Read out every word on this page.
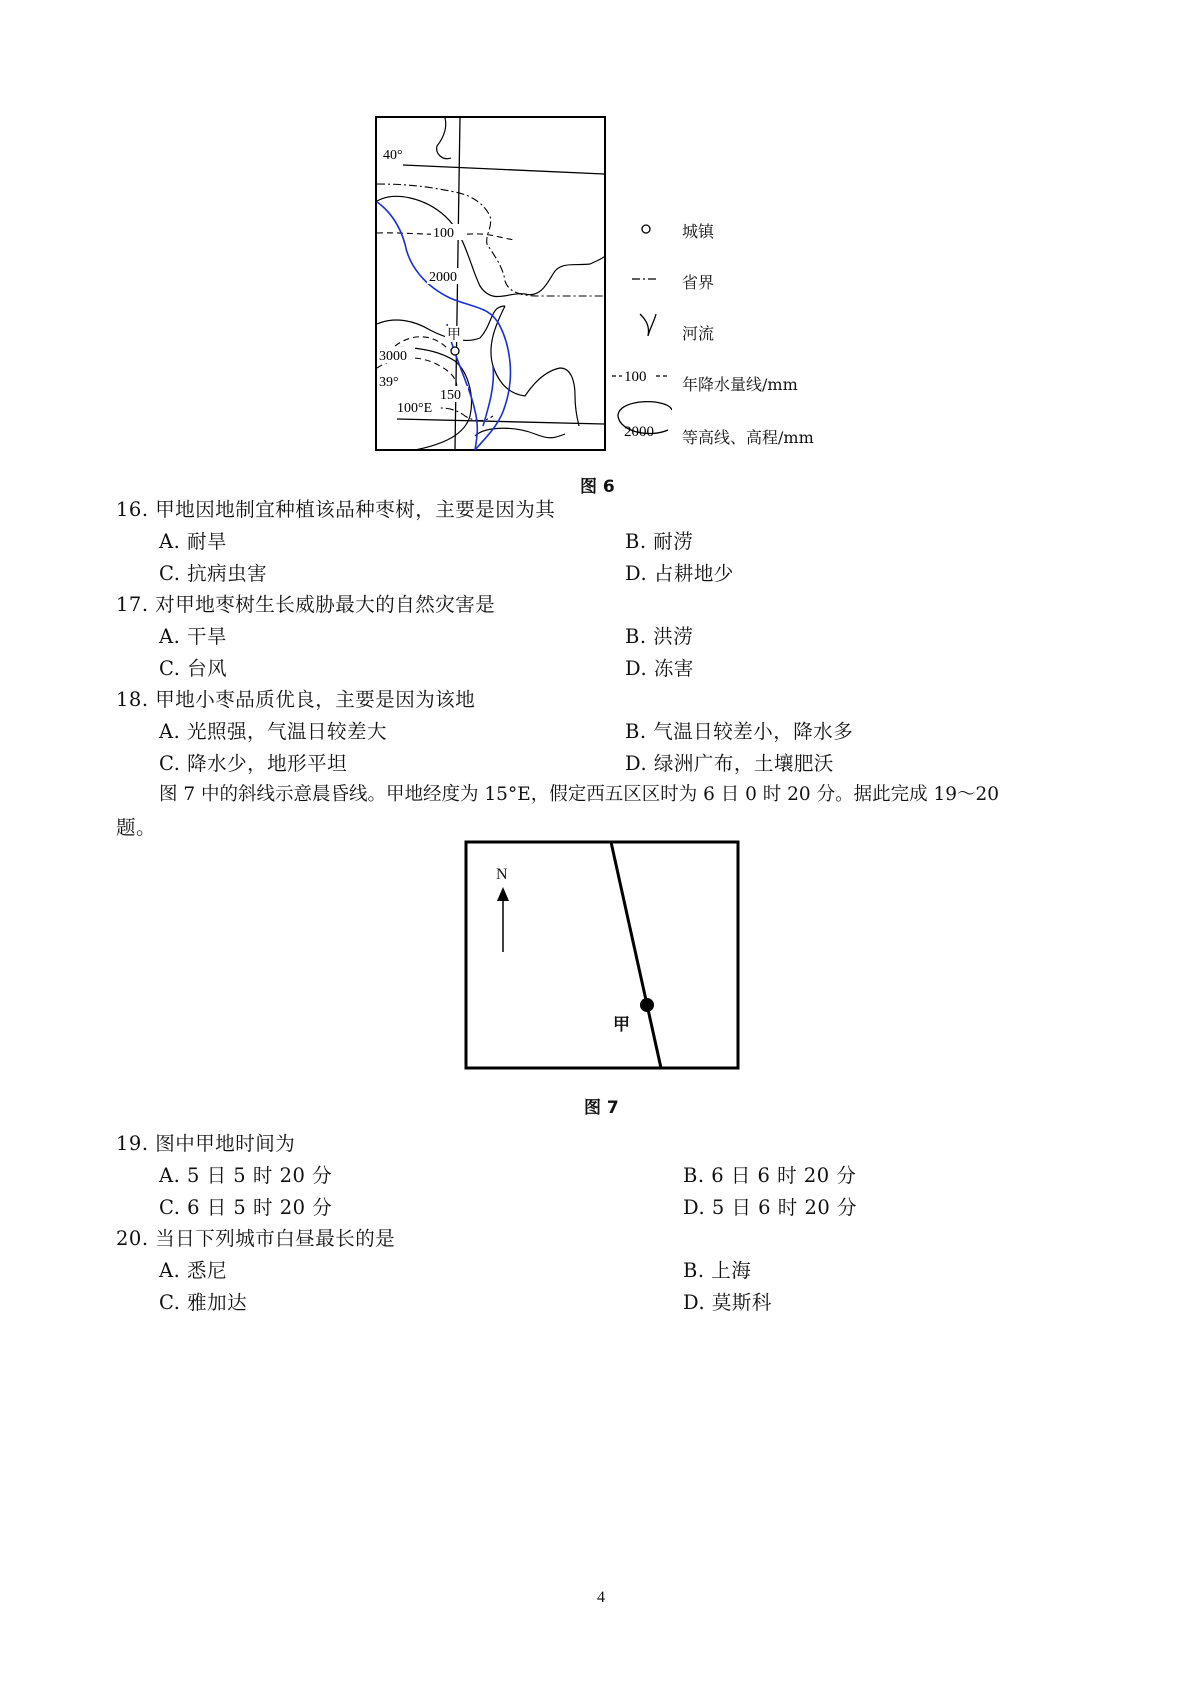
40°
100
2000
3000
39°
150
100°E
甲
100
2000
城镇
省界
河流
年降水量线/mm
等高线、高程/mm
图 6
16. 甲地因地制宜种植该品种枣树，主要是因为其
A. 耐旱	B. 耐涝
C. 抗病虫害	D. 占耕地少
17. 对甲地枣树生长威胁最大的自然灾害是
A. 干旱	B. 洪涝
C. 台风	D. 冻害
18. 甲地小枣品质优良，主要是因为该地
A. 光照强，气温日较差大	B. 气温日较差小，降水多
C. 降水少，地形平坦	D. 绿洲广布，土壤肥沃
图 7 中的斜线示意晨昏线。甲地经度为 15°E，假定西五区区时为 6 日 0 时 20 分。据此完成 19～20
题。
N
甲
图 7
19. 图中甲地时间为
A. 5 日 5 时 20 分	B. 6 日 6 时 20 分
C. 6 日 5 时 20 分	D. 5 日 6 时 20 分
20. 当日下列城市白昼最长的是
A. 悉尼	B. 上海
C. 雅加达	D. 莫斯科
4
